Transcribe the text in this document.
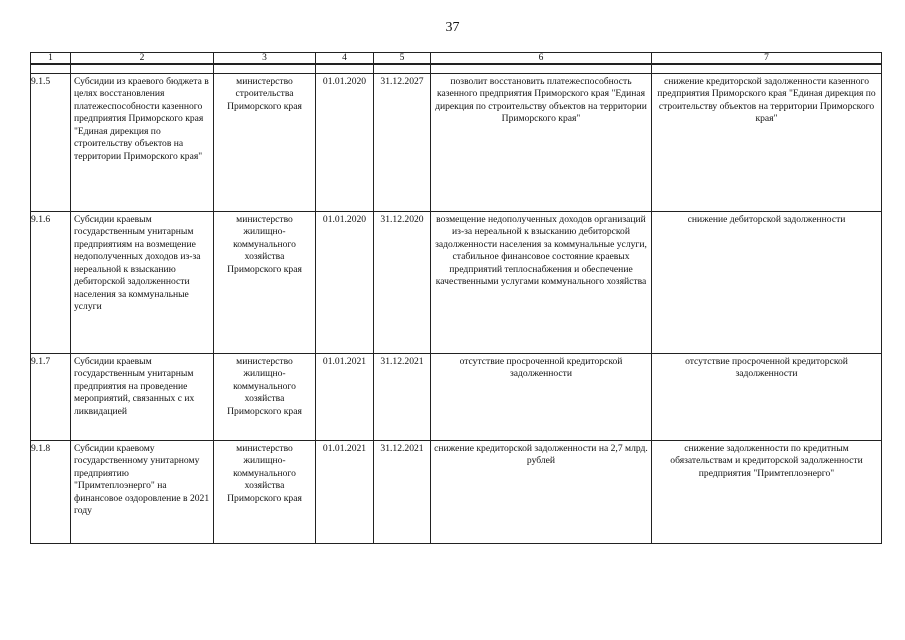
37
1	2	3	4	5	6	7

9.1.5	Субсидии из краевого бюджета в целях восстановления платежеспособности казенного предприятия Приморского края "Единая дирекция по строительству объектов на территории Приморского края"	министерство строительства Приморского края	01.01.2020	31.12.2027	позволит восстановить платежеспособность казенного предприятия Приморского края "Единая дирекция по строительству объектов на территории Приморского края"	снижение кредиторской задолженности казенного предприятия Приморского края "Единая дирекция по строительству объектов на территории Приморского края"
9.1.6	Субсидии краевым государственным унитарным предприятиям на возмещение недополученных доходов из-за нереальной к взысканию дебиторской задолженности населения за коммунальные услуги	министерство жилищно-коммунального хозяйства Приморского края	01.01.2020	31.12.2020	возмещение недополученных доходов организаций из-за нереальной к взысканию дебиторской задолженности населения за коммунальные услуги, стабильное финансовое состояние краевых предприятий теплоснабжения и обеспечение качественными услугами коммунального хозяйства	снижение дебиторской задолженности
9.1.7	Субсидии краевым государственным унитарным предприятия на проведение мероприятий, связанных с их ликвидацией	министерство жилищно-коммунального хозяйства Приморского края	01.01.2021	31.12.2021	отсутствие просроченной кредиторской задолженности	отсутствие просроченной кредиторской задолженности
9.1.8	Субсидии краевому государственному унитарному предприятию "Примтеплоэнерго" на финансовое оздоровление в 2021 году	министерство жилищно-коммунального хозяйства Приморского края	01.01.2021	31.12.2021	снижение кредиторской задолженности на 2,7 млрд. рублей	снижение задолженности по кредитным обязательствам и кредиторской задолженности предприятия "Примтеплоэнерго"
